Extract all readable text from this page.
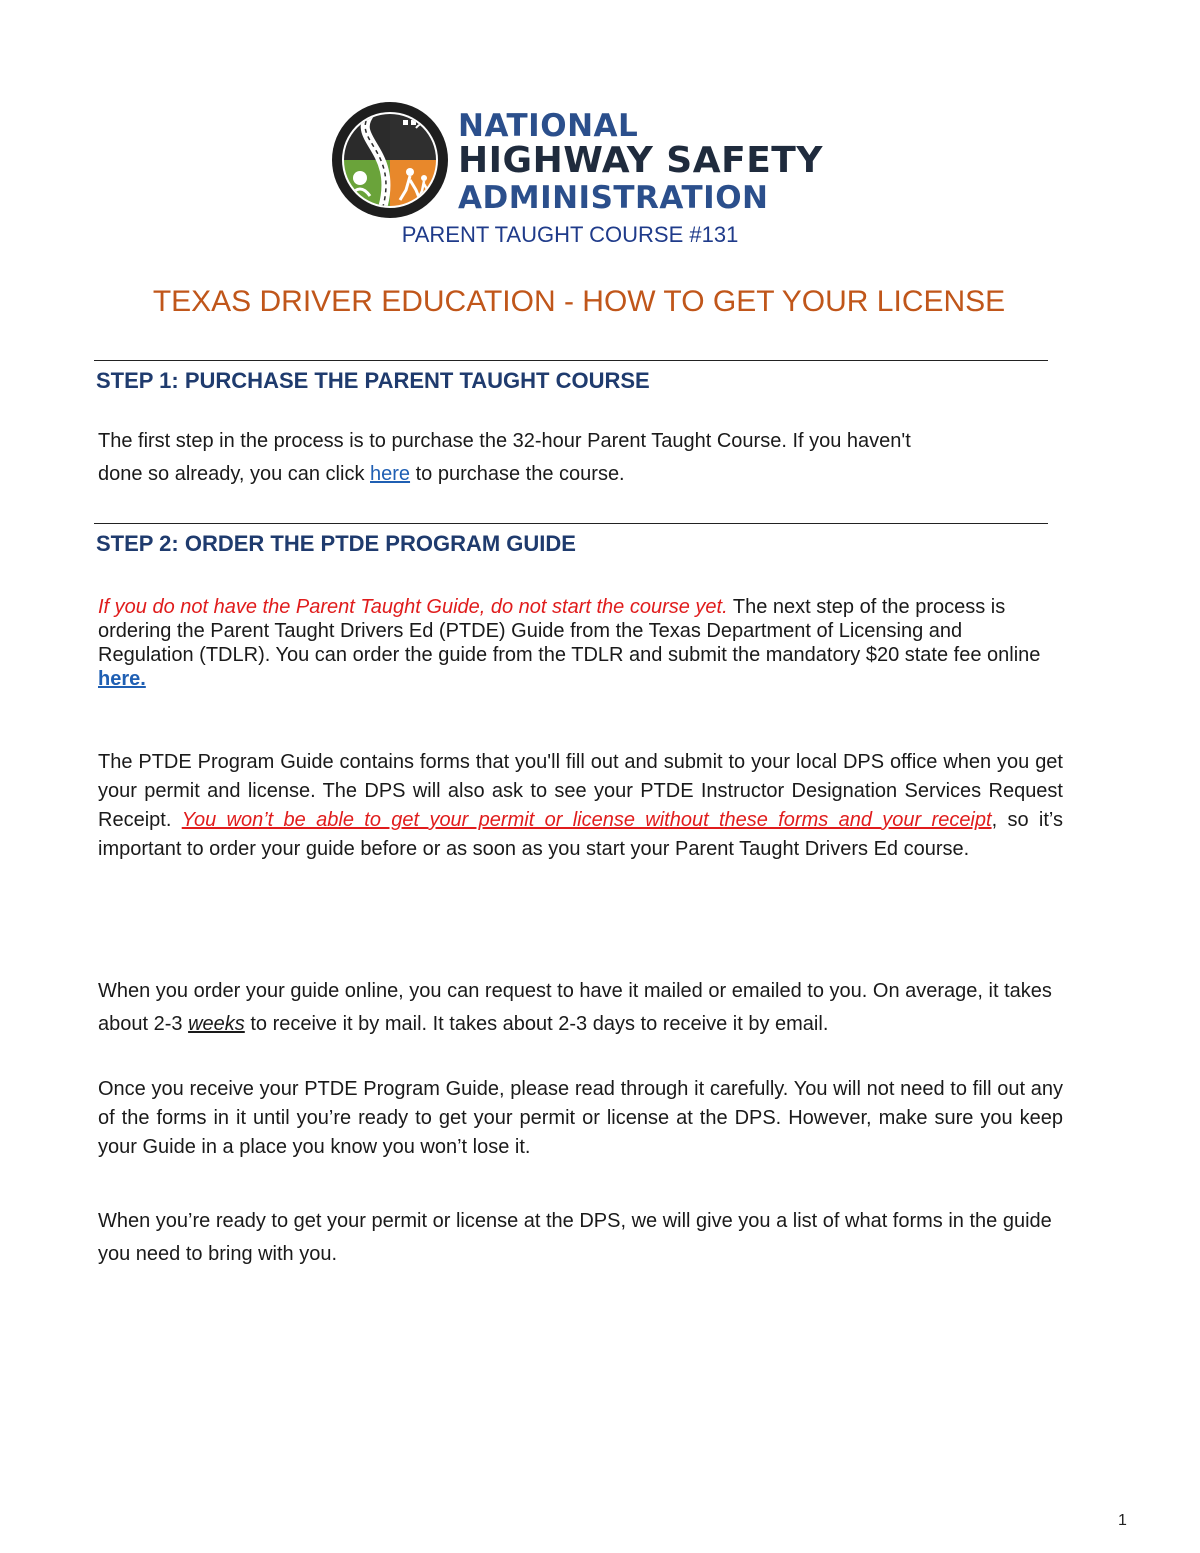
NATIONAL
HIGHWAY SAFETY
ADMINISTRATION
PARENT TAUGHT COURSE #131
TEXAS DRIVER EDUCATION - HOW TO GET YOUR LICENSE
STEP 1: PURCHASE THE PARENT TAUGHT COURSE

The first step in the process is to purchase the 32-hour Parent Taught Course. If you haven't
done so already, you can click here to purchase the course.

STEP 2: ORDER THE PTDE PROGRAM GUIDE

If you do not have the Parent Taught Guide, do not start the course yet. The next step of the process is ordering the Parent Taught Drivers Ed (PTDE) Guide from the Texas Department of Licensing and Regulation (TDLR). You can order the guide from the TDLR and submit the mandatory $20 state fee online here.

The PTDE Program Guide contains forms that you'll fill out and submit to your local DPS office when you get your permit and license. The DPS will also ask to see your PTDE Instructor Designation Services Request Receipt. You won’t be able to get your permit or license without these forms and your receipt, so it’s important to order your guide before or as soon as you start your Parent Taught Drivers Ed course.

When you order your guide online, you can request to have it mailed or emailed to you. On average, it takes about 2-3 weeks to receive it by mail. It takes about 2-3 days to receive it by email.

Once you receive your PTDE Program Guide, please read through it carefully. You will not need to fill out any of the forms in it until you’re ready to get your permit or license at the DPS. However, make sure you keep your Guide in a place you know you won’t lose it.

When you’re ready to get your permit or license at the DPS, we will give you a list of what forms in the guide you need to bring with you.

1
